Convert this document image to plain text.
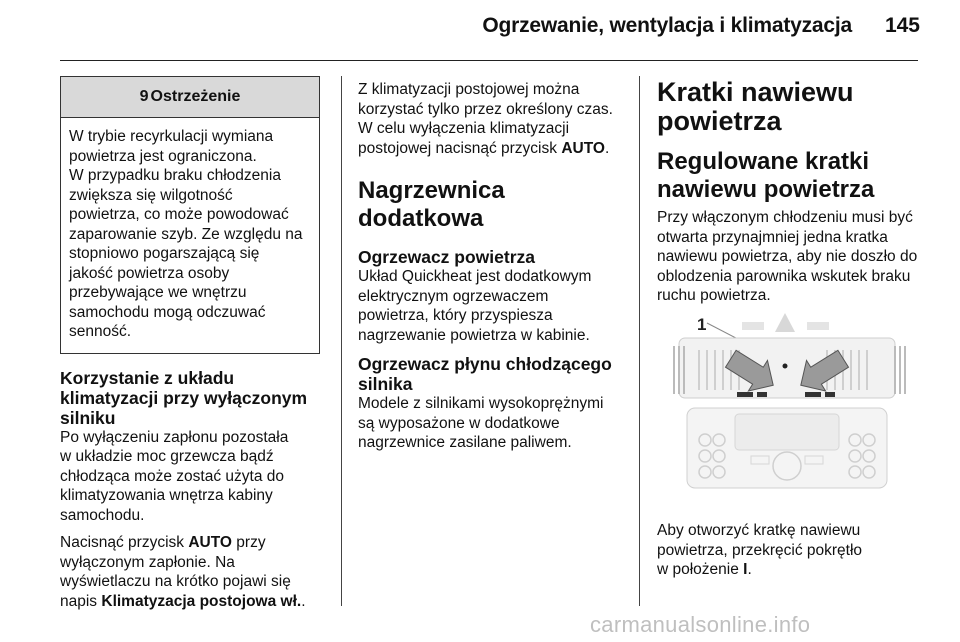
Ogrzewanie, wentylacja i klimatyzacja 145
9 Ostrzeżenie

W trybie recyrkulacji wymiana

powietrza jest ograniczona.

W przypadku braku chłodzenia

zwiększa się wilgotność

powietrza, co może powodować

zaparowanie szyb. Ze względu na

stopniowo pogarszającą się

jakość powietrza osoby

przebywające we wnętrzu

samochodu mogą odczuwać

senność.

Korzystanie z układu

klimatyzacji przy wyłączonym

silniku

Po wyłączeniu zapłonu pozostała

w układzie moc grzewcza bądź

chłodząca może zostać użyta do

klimatyzowania wnętrza kabiny

samochodu.

Nacisnąć przycisk AUTO przy

wyłączonym zapłonie. Na

wyświetlaczu na krótko pojawi się

napis Klimatyzacja postojowa wł..

Z klimatyzacji postojowej można

korzystać tylko przez określony czas.

W celu wyłączenia klimatyzacji

postojowej nacisnąć przycisk AUTO.

Nagrzewnica dodatkowa

Ogrzewacz powietrza

Układ Quickheat jest dodatkowym

elektrycznym ogrzewaczem

powietrza, który przyspiesza

nagrzewanie powietrza w kabinie.

Ogrzewacz płynu chłodzącego

silnika

Modele z silnikami wysokoprężnymi

są wyposażone w dodatkowe

nagrzewnice zasilane paliwem.

Kratki nawiewu

powietrza

Regulowane kratki

nawiewu powietrza

Przy włączonym chłodzeniu musi być

otwarta przynajmniej jedna kratka

nawiewu powietrza, aby nie doszło do

oblodzenia parownika wskutek braku

ruchu powietrza.

1

Aby otworzyć kratkę nawiewu

powietrza, przekręcić pokrętło

w położenie I.

carmanualsonline.info
